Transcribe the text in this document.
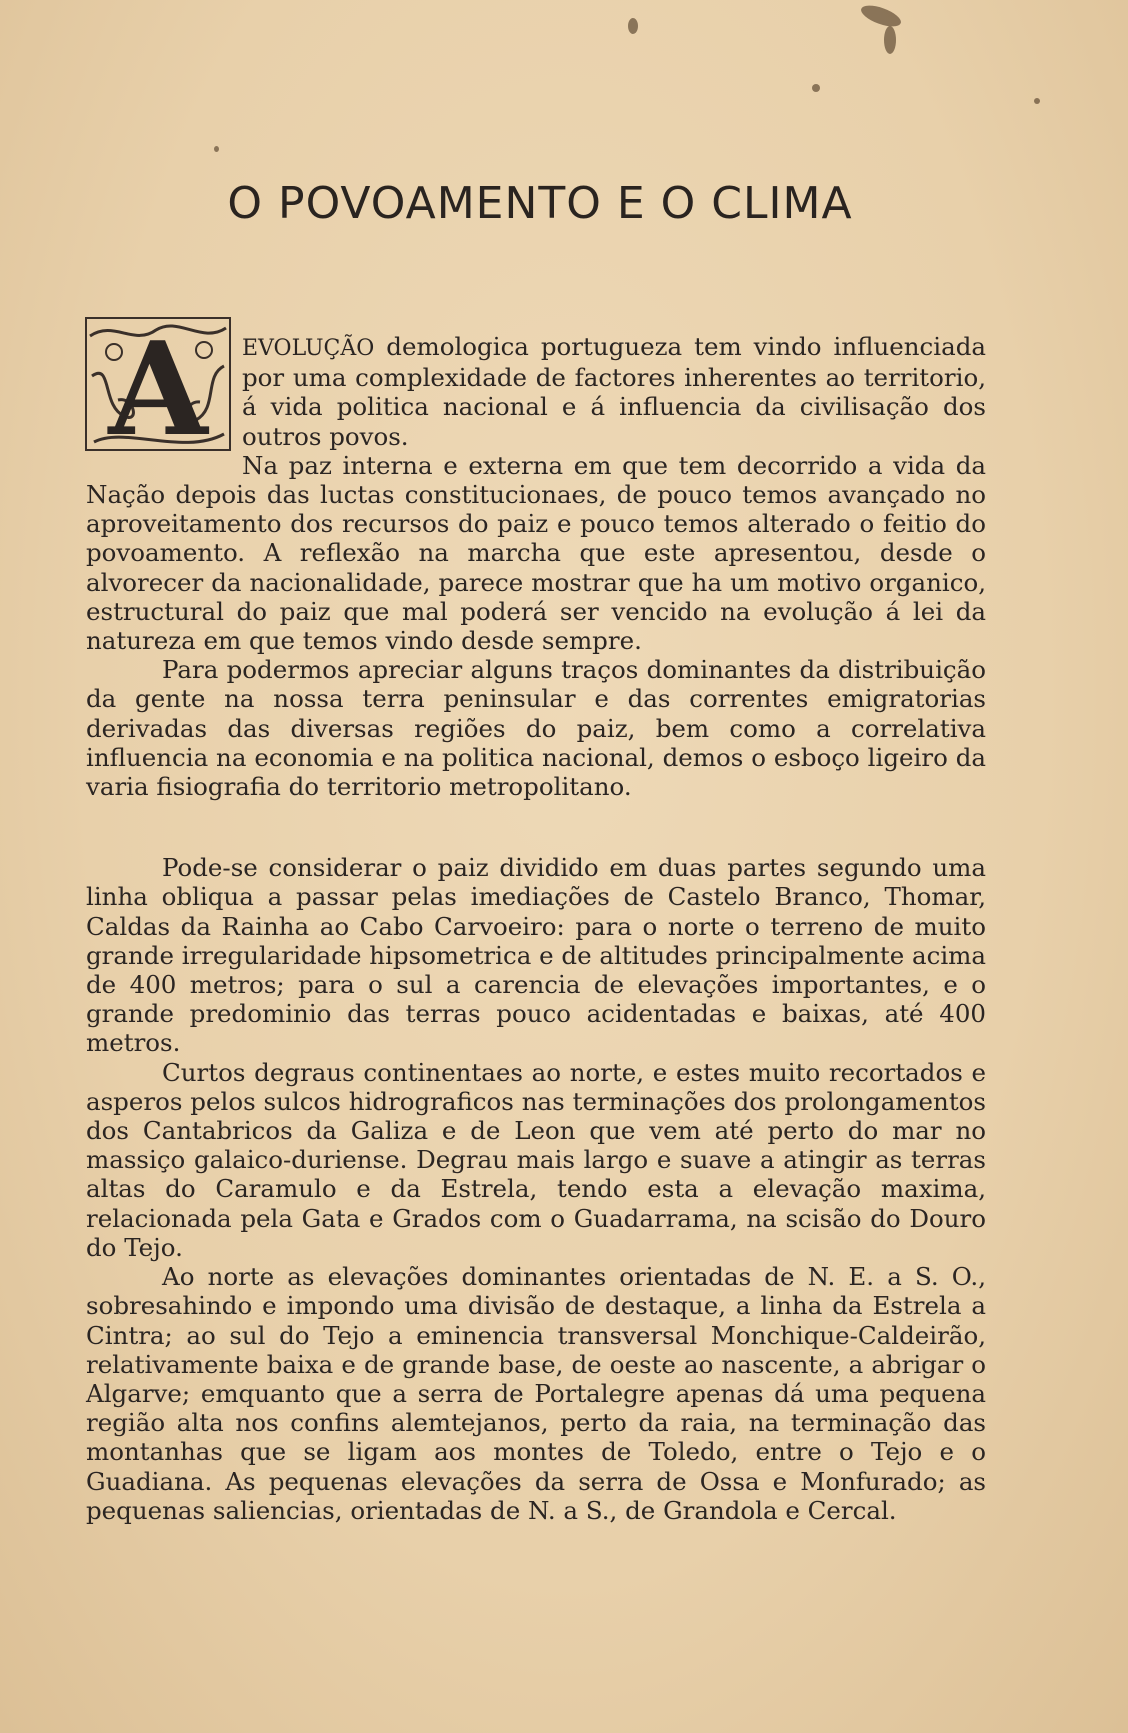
O POVOAMENTO E O CLIMA

A EVOLUÇÃO demologica portugueza tem vindo influenciada por uma complexidade de factores inherentes ao territorio, á vida politica nacional e á influencia da civilisação dos outros povos.

Na paz interna e externa em que tem decorrido a vida da Nação depois das luctas constitucionaes, de pouco temos avançado no aproveitamento dos recursos do paiz e pouco temos alterado o feitio do povoamento. A reflexão na marcha que este apresentou, desde o alvorecer da nacionalidade, parece mostrar que ha um motivo organico, estructural do paiz que mal poderá ser vencido na evolução á lei da natureza em que temos vindo desde sempre.

Para podermos apreciar alguns traços dominantes da distribuição da gente na nossa terra peninsular e das correntes emigratorias derivadas das diversas regiões do paiz, bem como a correlativa influencia na economia e na politica nacional, demos o esboço ligeiro da varia fisiografia do territorio metropolitano.

Pode-se considerar o paiz dividido em duas partes segundo uma linha obliqua a passar pelas imediações de Castelo Branco, Thomar, Caldas da Rainha ao Cabo Carvoeiro: para o norte o terreno de muito grande irregularidade hipsometrica e de altitudes principalmente acima de 400 metros; para o sul a carencia de elevações importantes, e o grande predominio das terras pouco acidentadas e baixas, até 400 metros.

Curtos degraus continentaes ao norte, e estes muito recortados e asperos pelos sulcos hidrograficos nas terminações dos prolongamentos dos Cantabricos da Galiza e de Leon que vem até perto do mar no massiço galaico-duriense. Degrau mais largo e suave a atingir as terras altas do Caramulo e da Estrela, tendo esta a elevação maxima, relacionada pela Gata e Grados com o Guadarrama, na scisão do Douro do Tejo.

Ao norte as elevações dominantes orientadas de N. E. a S. O., sobresahindo e impondo uma divisão de destaque, a linha da Estrela a Cintra; ao sul do Tejo a eminencia transversal Monchique-Caldeirão, relativamente baixa e de grande base, de oeste ao nascente, a abrigar o Algarve; emquanto que a serra de Portalegre apenas dá uma pequena região alta nos confins alemtejanos, perto da raia, na terminação das montanhas que se ligam aos montes de Toledo, entre o Tejo e o Guadiana. As pequenas elevações da serra de Ossa e Monfurado; as pequenas saliencias, orientadas de N. a S., de Grandola e Cercal.
